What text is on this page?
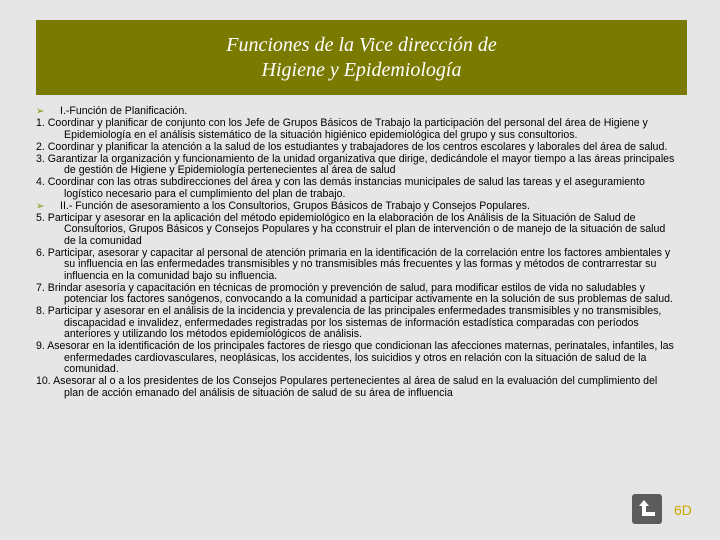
Funciones de la Vice dirección de
Higiene y Epidemiología
➢	I.-Función de Planificación.
1. Coordinar y planificar de conjunto con los Jefe de Grupos Básicos de Trabajo la participación del personal del área de Higiene y Epidemiología en el análisis sistemático de la situación higiénico epidemiológica del grupo y sus consultorios.
2. Coordinar y planificar la atención a la salud de los estudiantes y trabajadores de los centros escolares y laborales del área de salud.
3. Garantizar la organización y funcionamiento de la unidad organizativa que dirige, dedicándole el mayor tiempo a las áreas principales de gestión de Higiene y Epidemiología pertenecientes al área de salud
4. Coordinar con las otras subdirecciones del área y con las demás instancias municipales de salud las tareas y el aseguramiento logístico necesario para el cumplimiento del plan de trabajo.
➢	II.- Función de asesoramiento a los Consultorios, Grupos Básicos de Trabajo y Consejos Populares.
5. Participar y asesorar en la aplicación del método epidemiológico en la elaboración de los Análisis de la Situación de Salud de Consultorios, Grupos Básicos y Consejos Populares y ha cconstruir el plan de intervención o de manejo de la situación de salud de la comunidad
6. Participar, asesorar y capacitar al personal de atención primaria en la identificación de la correlación entre los factores ambientales y su influencia en las enfermedades transmisibles y no transmisibles más frecuentes y las formas y métodos de contrarrestar su influencia en la comunidad bajo su influencia.
7. Brindar asesoría y capacitación en técnicas de promoción y prevención de salud, para modificar estilos de vida no saludables y potenciar los factores sanógenos, convocando a la comunidad a participar activamente en la solución de sus problemas de salud.
8. Participar y asesorar en el análisis de la incidencia y prevalencia de las principales enfermedades transmisibles y no transmisibles, discapacidad e invalidez, enfermedades registradas por los sistemas de información estadística comparadas con períodos anteriores y utilizando los métodos epidemiológicos de análisis.
9. Asesorar en la identificación de los principales factores de riesgo que condicionan las afecciones maternas, perinatales, infantiles, las enfermedades cardiovasculares, neoplásicas, los accidentes, los suicidios y otros en relación con la situación de salud de la comunidad.
10. Asesorar al o a los presidentes de los Consejos Populares pertenecientes al área de salud en la evaluación del cumplimiento del plan de acción emanado del análisis de situación de salud de su área de influencia
6D
